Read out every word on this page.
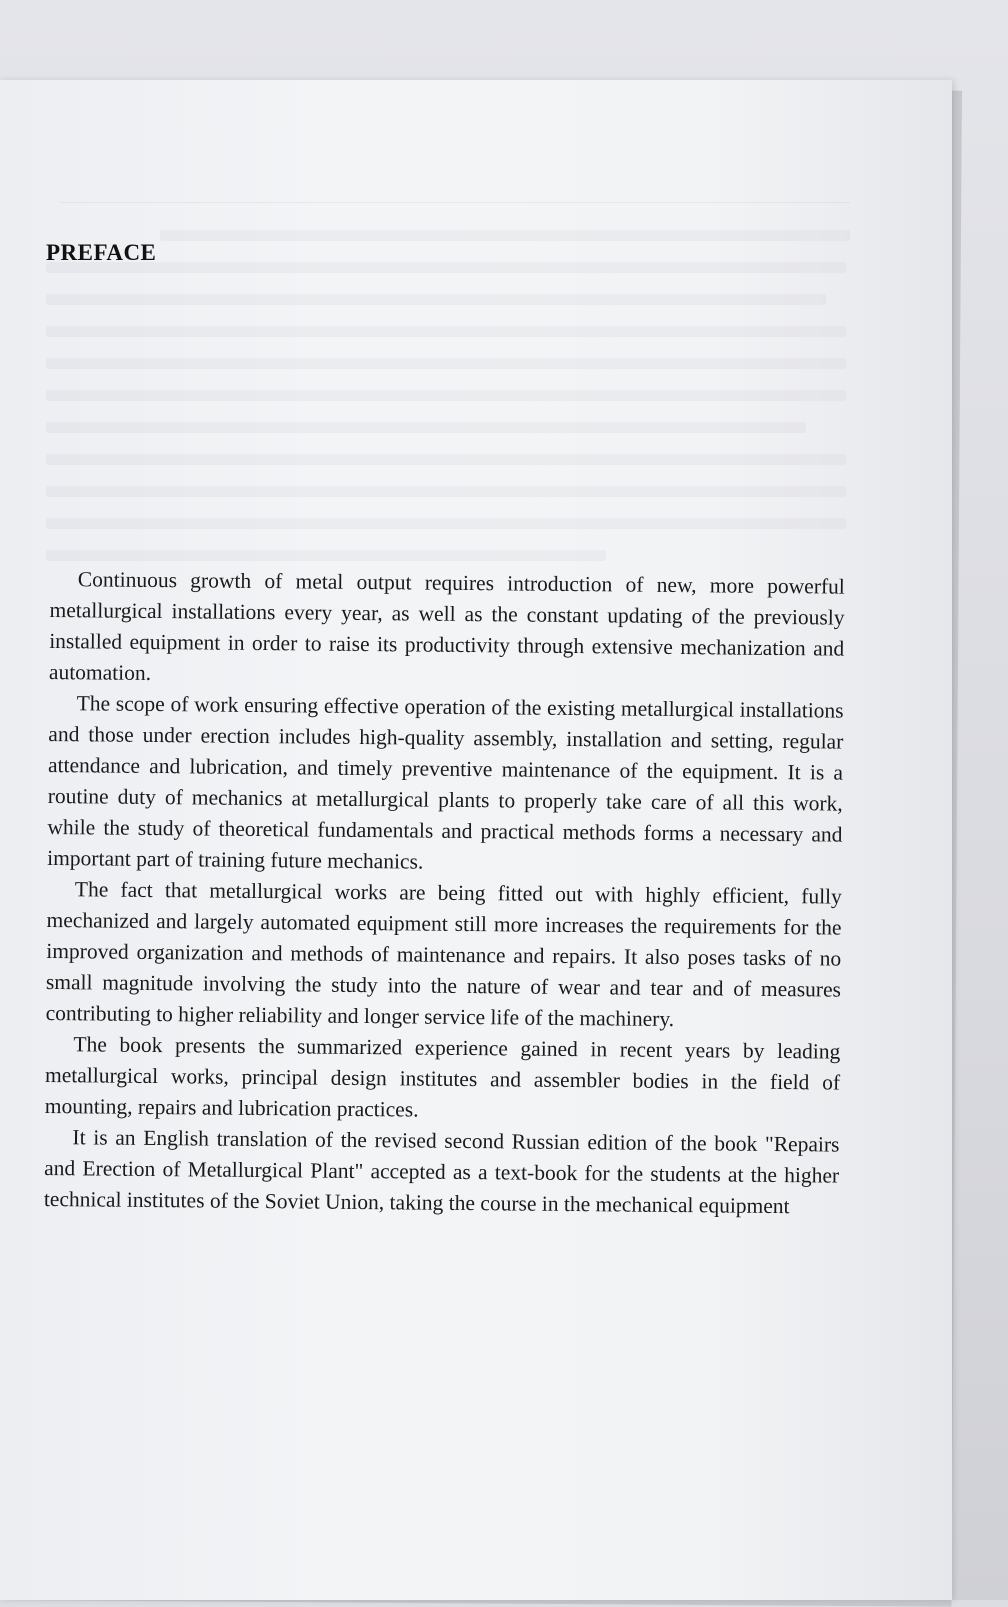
PREFACE

Continuous growth of metal output requires introduction of new, more powerful metallurgical installations every year, as well as the constant updating of the previously installed equipment in order to raise its productivity through extensive mechanization and automation.

The scope of work ensuring effective operation of the existing metallurgical installations and those under erection includes high-quality assembly, installation and setting, regular attendance and lubrication, and timely preventive maintenance of the equipment. It is a routine duty of mechanics at metallurgical plants to properly take care of all this work, while the study of theoretical fundamentals and practical methods forms a necessary and important part of training future mechanics.

The fact that metallurgical works are being fitted out with highly efficient, fully mechanized and largely automated equipment still more increases the requirements for the improved organization and methods of maintenance and repairs. It also poses tasks of no small magnitude involving the study into the nature of wear and tear and of measures contributing to higher reliability and longer service life of the machinery.

The book presents the summarized experience gained in recent years by leading metallurgical works, principal design institutes and assembler bodies in the field of mounting, repairs and lubrication practices.

It is an English translation of the revised second Russian edition of the book "Repairs and Erection of Metallurgical Plant" accepted as a text-book for the students at the higher technical institutes of the Soviet Union, taking the course in the mechanical equipment
